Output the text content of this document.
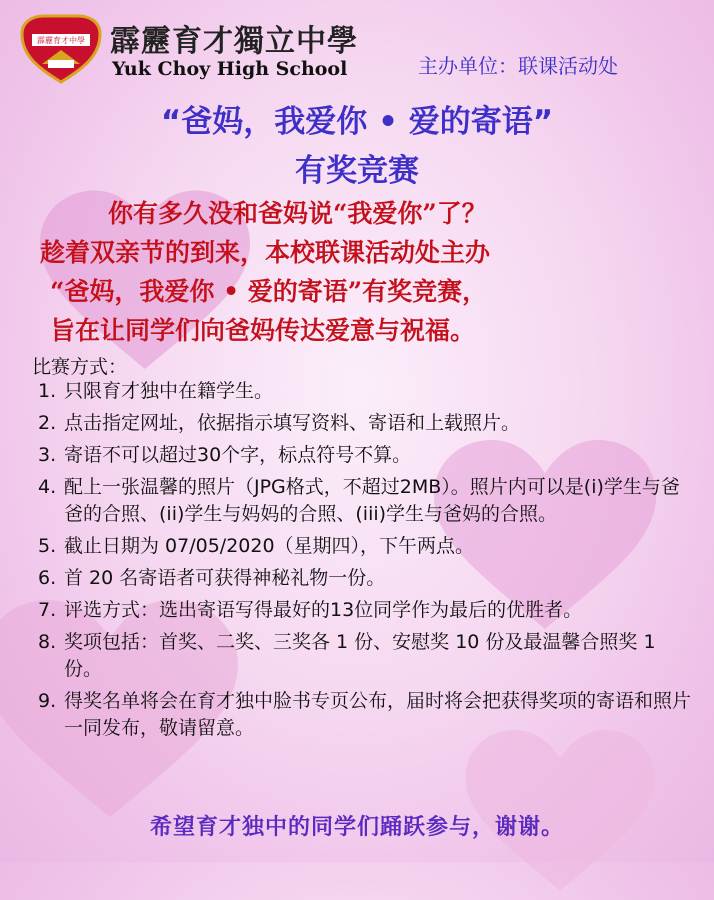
霹靂育才中學 霹靂育才獨立中學
Yuk Choy High School	主办单位：联课活动处
“爸妈，我爱你 • 爱的寄语”
有奖竞赛
你有多久没和爸妈说“我爱你”了？
趁着双亲节的到来，本校联课活动处主办
“爸妈，我爱你 • 爱的寄语”有奖竞赛，
旨在让同学们向爸妈传达爱意与祝福。
比赛方式：
1. 只限育才独中在籍学生。
2. 点击指定网址，依据指示填写资料、寄语和上载照片。
3. 寄语不可以超过30个字，标点符号不算。
4. 配上一张温馨的照片（JPG格式，不超过2MB）。照片内可以是(i)学生与爸爸的合照、(ii)学生与妈妈的合照、(iii)学生与爸妈的合照。
5. 截止日期为 07/05/2020（星期四），下午两点。
6. 首 20 名寄语者可获得神秘礼物一份。
7. 评选方式：选出寄语写得最好的13位同学作为最后的优胜者。
8. 奖项包括：首奖、二奖、三奖各 1 份、安慰奖 10 份及最温馨合照奖 1 份。
9. 得奖名单将会在育才独中脸书专页公布，届时将会把获得奖项的寄语和照片一同发布，敬请留意。
希望育才独中的同学们踊跃参与，谢谢。
